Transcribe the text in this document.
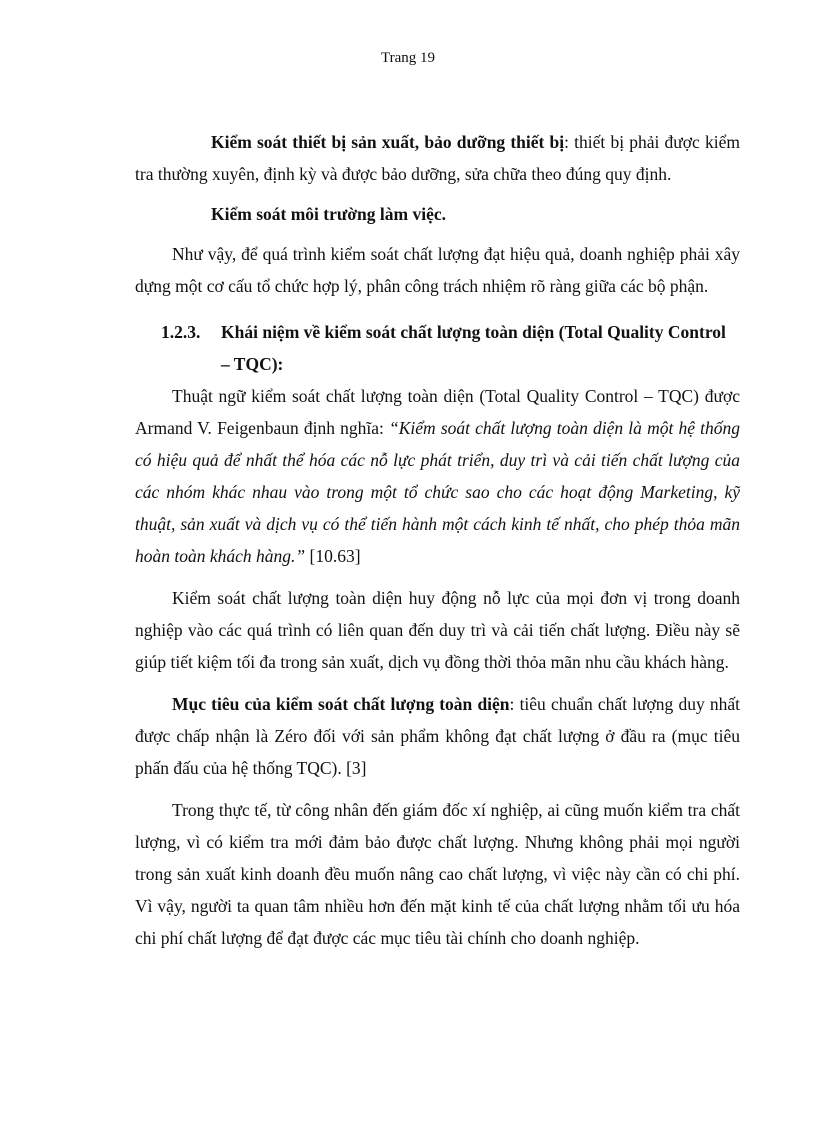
Trang 19

Kiểm soát thiết bị sản xuất, bảo dưỡng thiết bị: thiết bị phải được kiểm tra thường xuyên, định kỳ và được bảo dưỡng, sửa chữa theo đúng quy định.

Kiểm soát môi trường làm việc.

Như vậy, để quá trình kiểm soát chất lượng đạt hiệu quả, doanh nghiệp phải xây dựng một cơ cấu tổ chức hợp lý, phân công trách nhiệm rõ ràng giữa các bộ phận.

1.2.3.	Khái niệm về kiểm soát chất lượng toàn diện (Total Quality Control
– TQC):

Thuật ngữ kiểm soát chất lượng toàn diện (Total Quality Control – TQC) được Armand V. Feigenbaun định nghĩa: “Kiểm soát chất lượng toàn diện là một hệ thống có hiệu quả để nhất thể hóa các nỗ lực phát triển, duy trì và cải tiến chất lượng của các nhóm khác nhau vào trong một tổ chức sao cho các hoạt động Marketing, kỹ thuật, sản xuất và dịch vụ có thể tiến hành một cách kinh tế nhất, cho phép thỏa mãn hoàn toàn khách hàng.” [10.63]

Kiểm soát chất lượng toàn diện huy động nỗ lực của mọi đơn vị trong doanh nghiệp vào các quá trình có liên quan đến duy trì và cải tiến chất lượng. Điều này sẽ giúp tiết kiệm tối đa trong sản xuất, dịch vụ đồng thời thỏa mãn nhu cầu khách hàng.

Mục tiêu của kiểm soát chất lượng toàn diện: tiêu chuẩn chất lượng duy nhất được chấp nhận là Zéro đối với sản phẩm không đạt chất lượng ở đầu ra (mục tiêu phấn đấu của hệ thống TQC). [3]

Trong thực tế, từ công nhân đến giám đốc xí nghiệp, ai cũng muốn kiểm tra chất lượng, vì có kiểm tra mới đảm bảo được chất lượng. Nhưng không phải mọi người trong sản xuất kinh doanh đều muốn nâng cao chất lượng, vì việc này cần có chi phí. Vì vậy, người ta quan tâm nhiều hơn đến mặt kinh tế của chất lượng nhằm tối ưu hóa chi phí chất lượng để đạt được các mục tiêu tài chính cho doanh nghiệp.
